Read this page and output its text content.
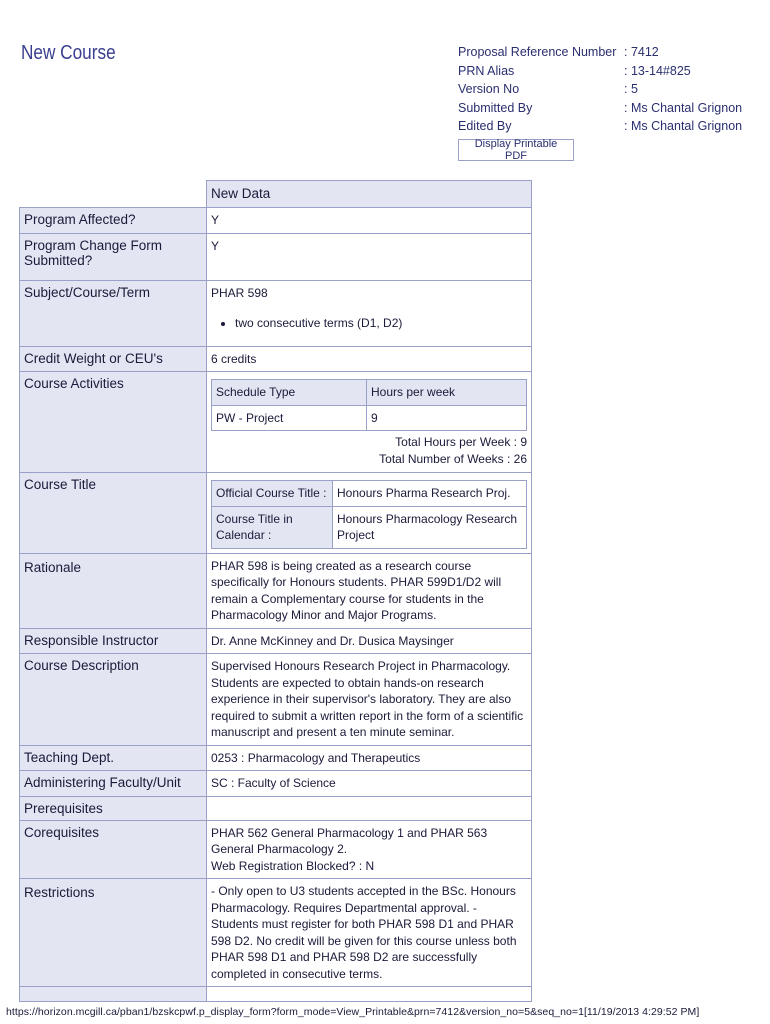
New Course	Proposal Reference Number : 7412
PRN Alias	: 13-14#825
Version No	: 5
Submitted By	: Ms Chantal Grignon
Edited By	: Ms Chantal Grignon
Display Printable PDF
	New Data
Program Affected?	Y
Program Change Form Submitted?	Y
Subject/Course/Term	PHAR 598
• two consecutive terms (D1, D2)

Credit Weight or CEU's	6 credits
Course Activities	
Schedule Type	Hours per week
PW - Project	9
Total Hours per Week : 9
Total Number of Weeks : 26

Course Title	
Official Course Title :	Honours Pharma Research Proj.
Course Title in Calendar :	Honours Pharmacology Research Project

Rationale	PHAR 598 is being created as a research course specifically for Honours students. PHAR 599D1/D2 will remain a Complementary course for students in the Pharmacology Minor and Major Programs.
Responsible Instructor	Dr. Anne McKinney and Dr. Dusica Maysinger
Course Description	Supervised Honours Research Project in Pharmacology. Students are expected to obtain hands-on research experience in their supervisor's laboratory. They are also required to submit a written report in the form of a scientific manuscript and present a ten minute seminar.
Teaching Dept.	0253 : Pharmacology and Therapeutics
Administering Faculty/Unit	SC : Faculty of Science
Prerequisites	
Corequisites	PHAR 562 General Pharmacology 1 and PHAR 563 General Pharmacology 2.
Web Registration Blocked? : N

Restrictions	- Only open to U3 students accepted in the BSc. Honours Pharmacology. Requires Departmental approval. - Students must register for both PHAR 598 D1 and PHAR 598 D2. No credit will be given for this course unless both PHAR 598 D1 and PHAR 598 D2 are successfully completed in consecutive terms.

https://horizon.mcgill.ca/pban1/bzskcpwf.p_display_form?form_mode=View_Printable&prn=7412&version_no=5&seq_no=1[11/19/2013 4:29:52 PM]
